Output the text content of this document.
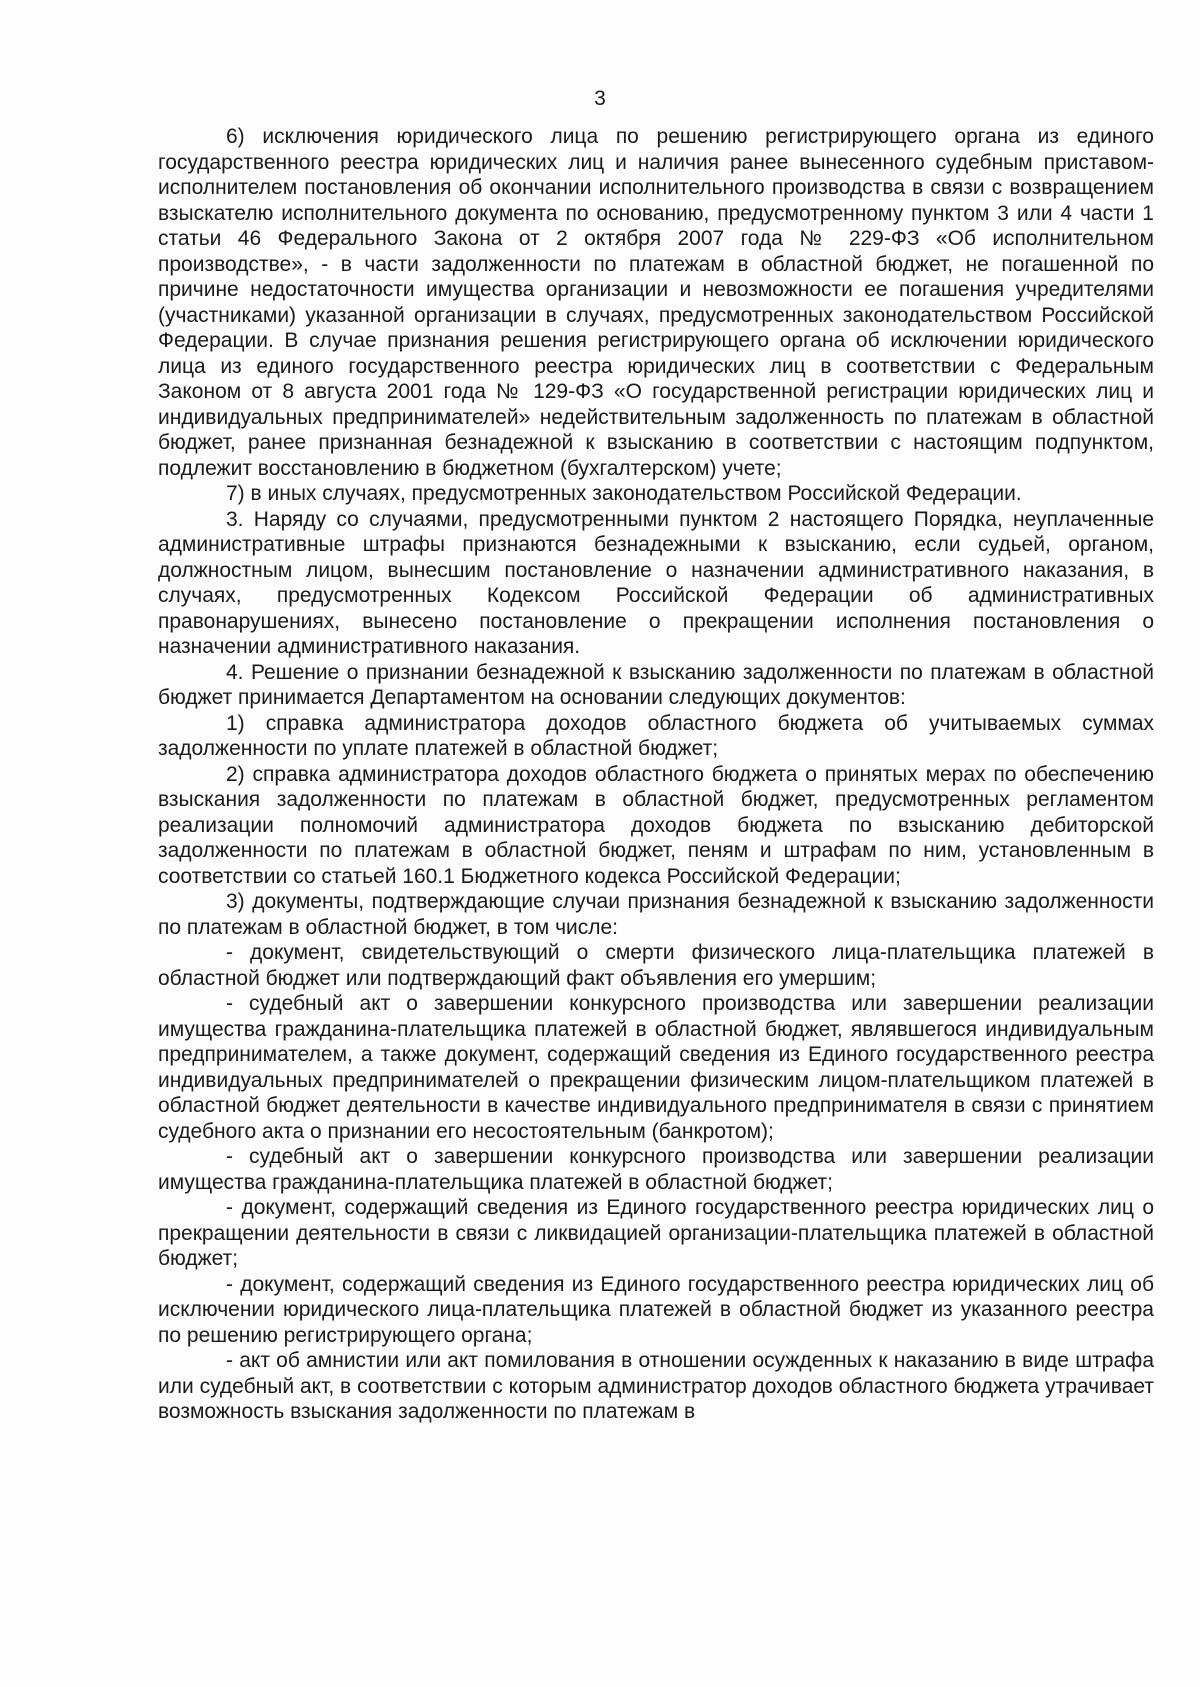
3

6) исключения юридического лица по решению регистрирующего органа из единого государственного реестра юридических лиц и наличия ранее вынесенного судебным приставом-исполнителем постановления об окончании исполнительного производства в связи с возвращением взыскателю исполнительного документа по основанию, предусмотренному пунктом 3 или 4 части 1 статьи 46 Федерального Закона от 2 октября 2007 года № 229-ФЗ «Об исполнительном производстве», - в части задолженности по платежам в областной бюджет, не погашенной по причине недостаточности имущества организации и невозможности ее погашения учредителями (участниками) указанной организации в случаях, предусмотренных законодательством Российской Федерации. В случае признания решения регистрирующего органа об исключении юридического лица из единого государственного реестра юридических лиц в соответствии с Федеральным Законом от 8 августа 2001 года № 129-ФЗ «О государственной регистрации юридических лиц и индивидуальных предпринимателей» недействительным задолженность по платежам в областной бюджет, ранее признанная безнадежной к взысканию в соответствии с настоящим подпунктом, подлежит восстановлению в бюджетном (бухгалтерском) учете;

7) в иных случаях, предусмотренных законодательством Российской Федерации.

3. Наряду со случаями, предусмотренными пунктом 2 настоящего Порядка, неуплаченные административные штрафы признаются безнадежными к взысканию, если судьей, органом, должностным лицом, вынесшим постановление о назначении административного наказания, в случаях, предусмотренных Кодексом Российской Федерации об административных правонарушениях, вынесено постановление о прекращении исполнения постановления о назначении административного наказания.

4. Решение о признании безнадежной к взысканию задолженности по платежам в областной бюджет принимается Департаментом на основании следующих документов:

1) справка администратора доходов областного бюджета об учитываемых суммах задолженности по уплате платежей в областной бюджет;

2) справка администратора доходов областного бюджета о принятых мерах по обеспечению взыскания задолженности по платежам в областной бюджет, предусмотренных регламентом реализации полномочий администратора доходов бюджета по взысканию дебиторской задолженности по платежам в областной бюджет, пеням и штрафам по ним, установленным в соответствии со статьей 160.1 Бюджетного кодекса Российской Федерации;

3) документы, подтверждающие случаи признания безнадежной к взысканию задолженности по платежам в областной бюджет, в том числе:

- документ, свидетельствующий о смерти физического лица-плательщика платежей в областной бюджет или подтверждающий факт объявления его умершим;

- судебный акт о завершении конкурсного производства или завершении реализации имущества гражданина-плательщика платежей в областной бюджет, являвшегося индивидуальным предпринимателем, а также документ, содержащий сведения из Единого государственного реестра индивидуальных предпринимателей о прекращении физическим лицом-плательщиком платежей в областной бюджет деятельности в качестве индивидуального предпринимателя в связи с принятием судебного акта о признании его несостоятельным (банкротом);

- судебный акт о завершении конкурсного производства или завершении реализации имущества гражданина-плательщика платежей в областной бюджет;

- документ, содержащий сведения из Единого государственного реестра юридических лиц о прекращении деятельности в связи с ликвидацией организации-плательщика платежей в областной бюджет;

- документ, содержащий сведения из Единого государственного реестра юридических лиц об исключении юридического лица-плательщика платежей в областной бюджет из указанного реестра по решению регистрирующего органа;

- акт об амнистии или акт помилования в отношении осужденных к наказанию в виде штрафа или судебный акт, в соответствии с которым администратор доходов областного бюджета утрачивает возможность взыскания задолженности по платежам в
